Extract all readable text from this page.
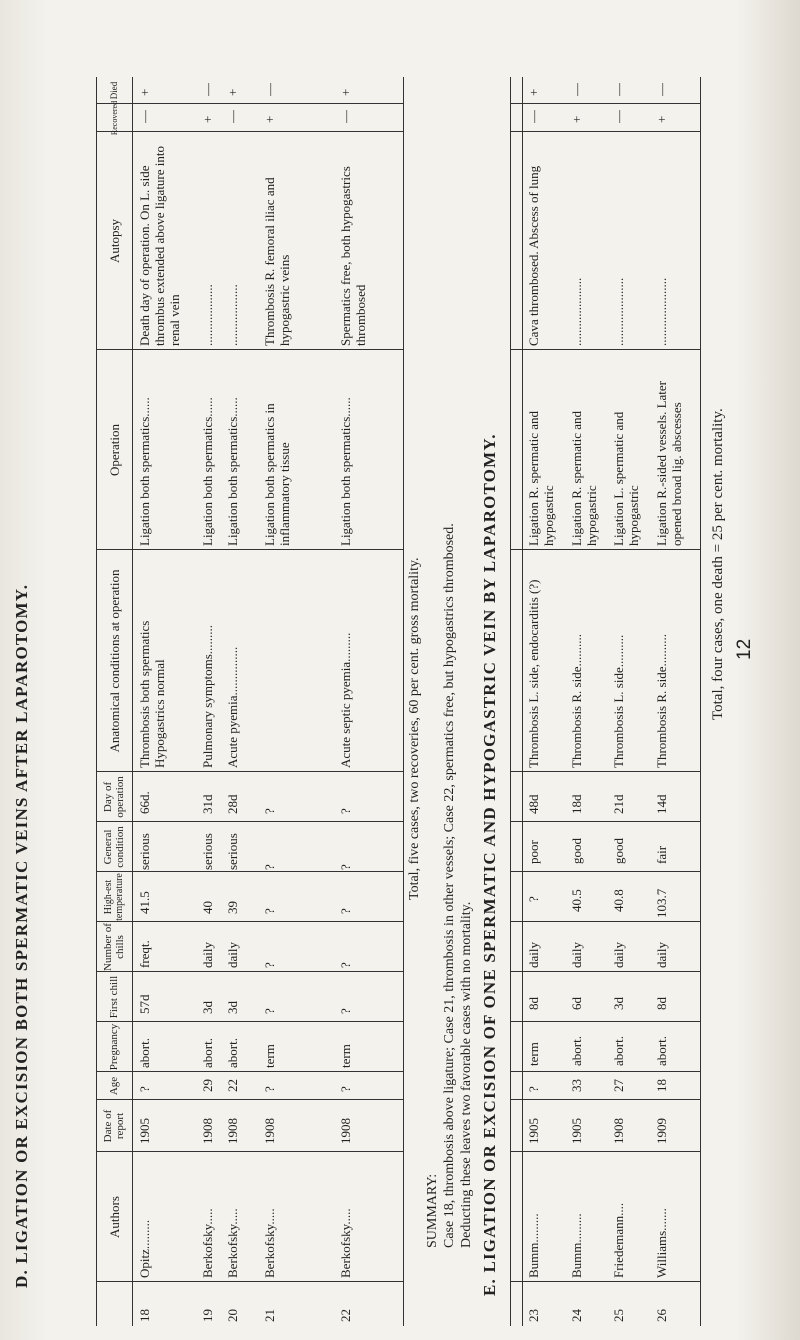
D. LIGATION OR EXCISION BOTH SPERMATIC VEINS AFTER LAPAROTOMY.	Authors
Date of report
Age
Pregnancy
First chill
Number of chills
High-est temperature
General condition
Day of operation
Anatomical conditions at operation
Operation
Autopsy
Recovered
Died
18
Opitz.........
1905
?
abort.
57d
freqt.
41.5
serious
66d.
Thrombosis both spermatics Hypogastrics normal
Ligation both spermatics......
Death day of operation. On L. side thrombus extended above ligature into renal vein
—
+
19
Berkofsky.....
1908
29
abort.
3d
daily
40
serious
31d
Pulmonary symptoms.........
Ligation both spermatics......
...................
+
—
20
Berkofsky.....
1908
22
abort.
3d
daily
39
serious
28d
Acute pyemia...............
Ligation both spermatics......
...................
—
+
21
Berkofsky.....
1908
?
term
?
?
?
?
?
Ligation both spermatics in inflammatory tissue
Thrombosis R. femoral iliac and hypogastric veins
+
—
22
Berkofsky.....
1908
?
term
?
?
?
?
?
Acute septic pyemia.........
Ligation both spermatics......
Spermatics free, both hypogastrics thrombosed
—
+
Total, five cases, two recoveries, 60 per cent. gross mortality.
SUMMARY: Case 18, thrombosis above ligature; Case 21, thrombosis in other vessels; Case 22, spermatics free, but hypogastrics thrombosed. Deducting these leaves two favorable cases with no mortality. E. LIGATION OR EXCISION OF ONE SPERMATIC AND HYPOGASTRIC VEIN BY LAPAROTOMY.
23
Bumm.........
1905
?
term
8d
daily
?
poor
48d
Thrombosis L. side, endocarditis (?)
Ligation R. spermatic and hypogastric
Cava thrombosed. Abscess of lung
—
+
24
Bumm.........
1905
33
abort.
6d
daily
40.5
good
18d
Thrombosis R. side..........
Ligation R. spermatic and hypogastric
.....................
+
—
25
Friedemann....
1908
27
abort.
3d
daily
40.8
good
21d
Thrombosis L. side..........
Ligation L. spermatic and hypogastric
.....................
—
—
26
Williams.......
1909
18
abort.
8d
daily
103.7
fair
14d
Thrombosis R. side..........
Ligation R.-sided vessels. Later opened broad lig. abscesses
.....................
+
—
Total, four cases, one death = 25 per cent. mortality. 12
